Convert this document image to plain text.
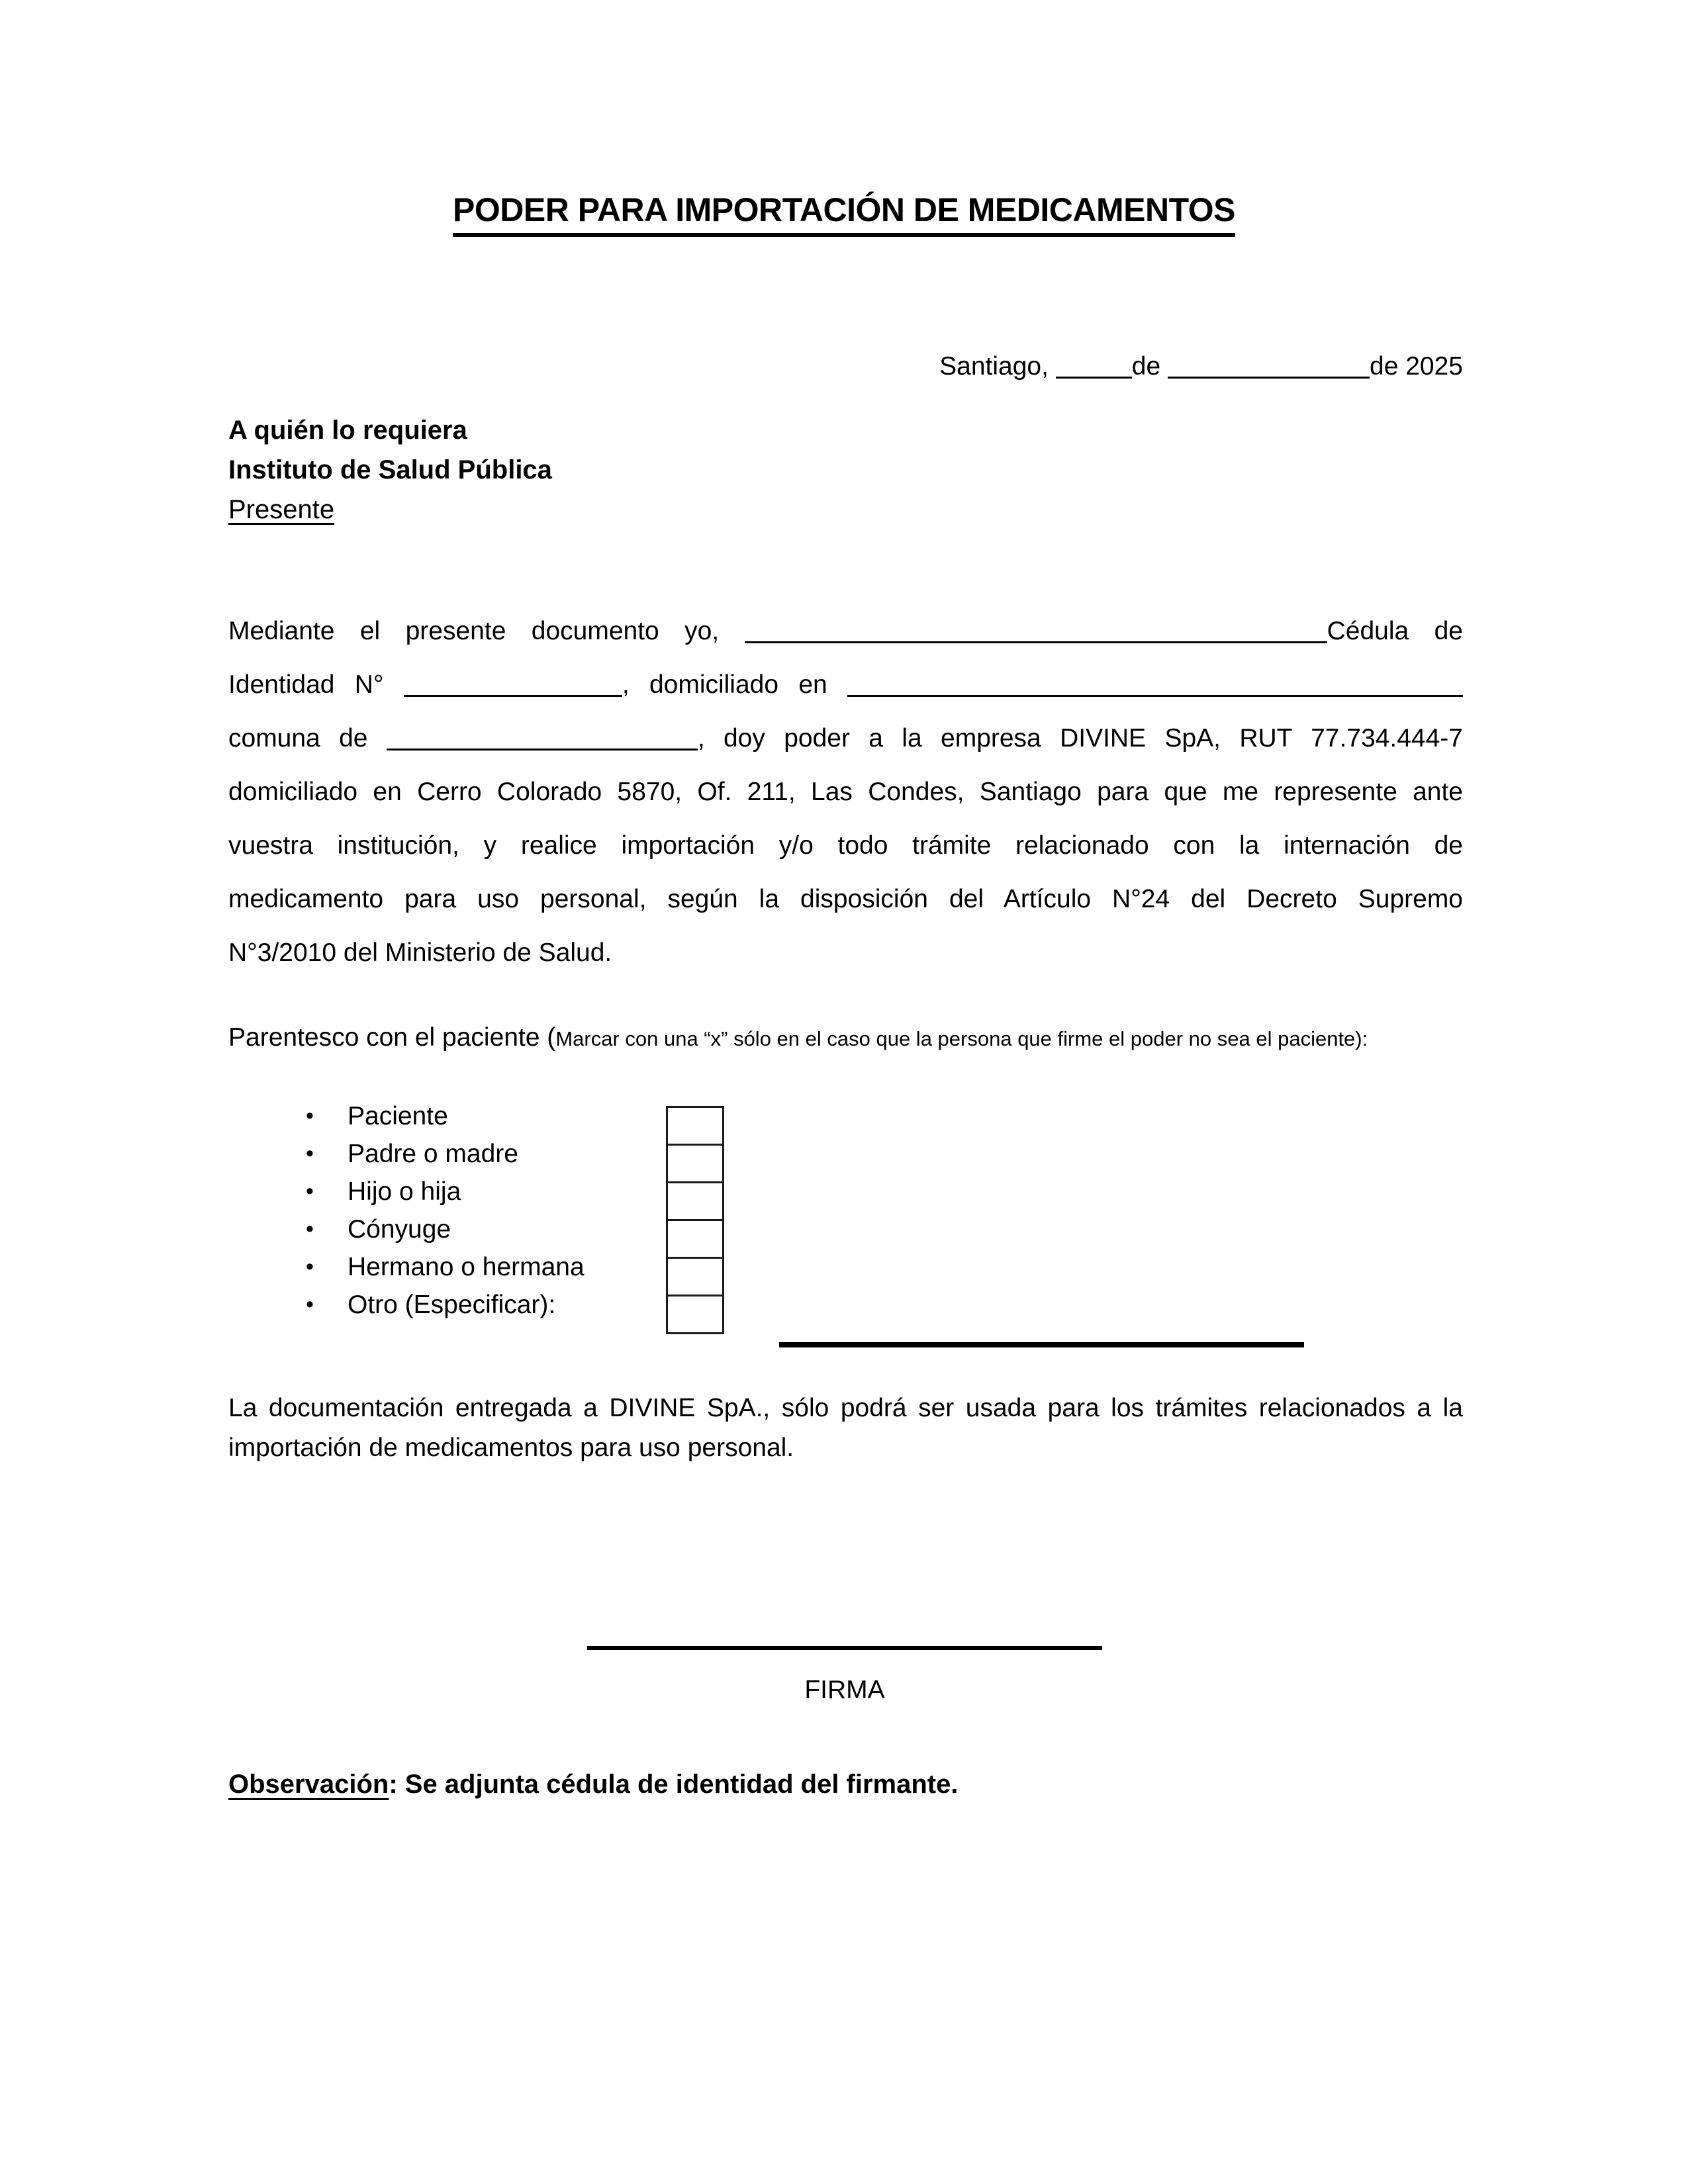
PODER PARA IMPORTACIÓN DE MEDICAMENTOS
Santiago,	de	de 2025
A quién lo requiera
Instituto de Salud Pública
Presente
Mediante el presente documento yo,	Cédula de
Identidad N°	, domiciliado en
comuna de	, doy poder a la empresa DIVINE SpA, RUT 77.734.444-7
domiciliado en Cerro Colorado 5870, Of. 211, Las Condes, Santiago para que me represente ante
vuestra institución, y realice importación y/o todo trámite relacionado con la internación de
medicamento para uso personal, según la disposición del Artículo N°24 del Decreto Supremo
N°3/2010 del Ministerio de Salud.
Parentesco con el paciente (Marcar con una “x” sólo en el caso que la persona que firme el poder no sea el paciente):
• Paciente
• Padre o madre
• Hijo o hija
• Cónyuge
• Hermano o hermana
• Otro (Especificar):
La documentación entregada a DIVINE SpA., sólo podrá ser usada para los trámites relacionados a la
importación de medicamentos para uso personal.
FIRMA
Observación: Se adjunta cédula de identidad del firmante.
